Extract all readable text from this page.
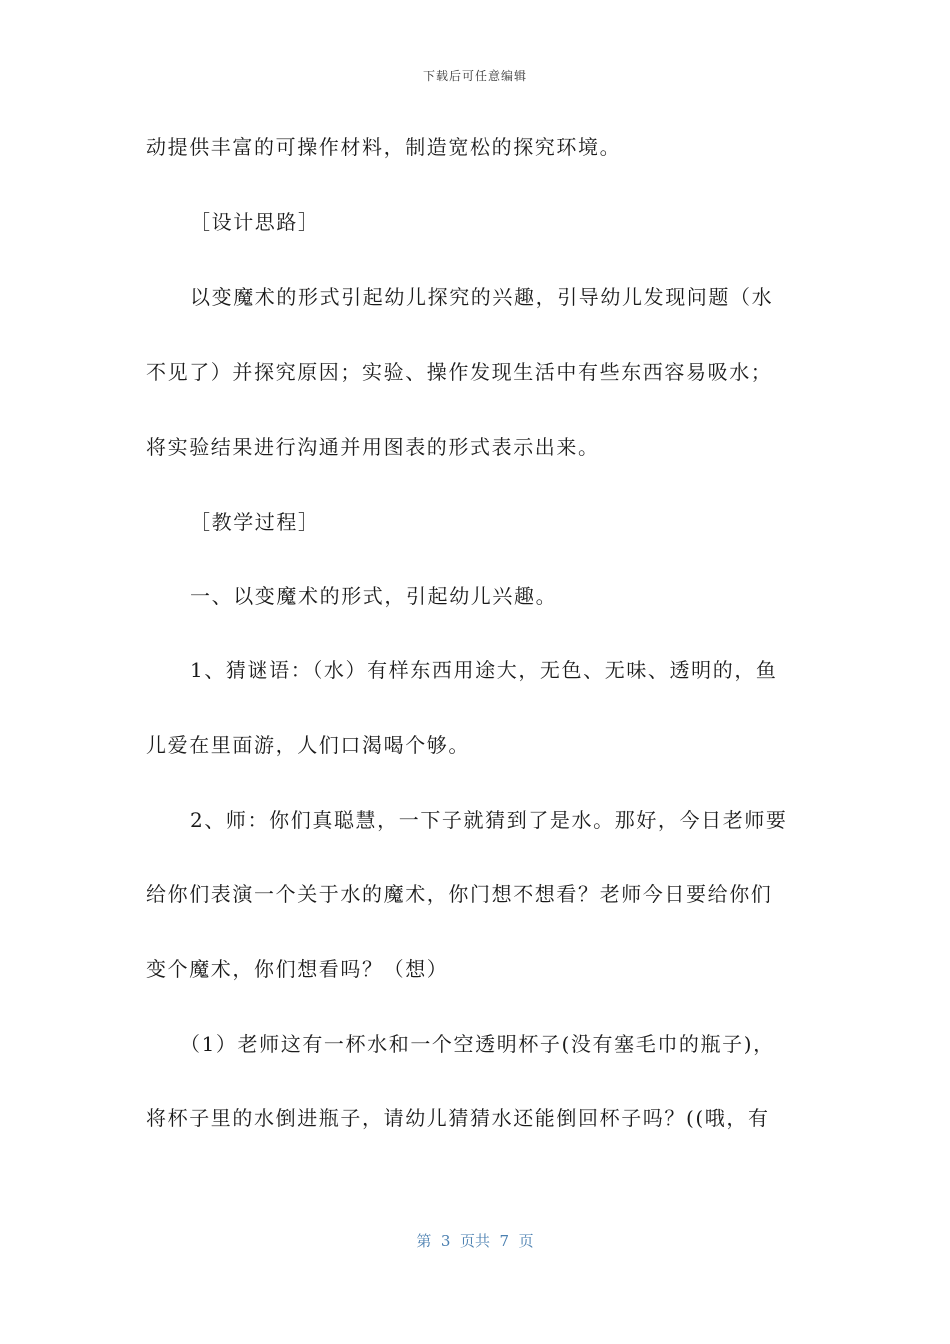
下载后可任意编辑
动提供丰富的可操作材料，制造宽松的探究环境。
［设计思路］
以变魔术的形式引起幼儿探究的兴趣，引导幼儿发现问题（水
不见了）并探究原因；实验、操作发现生活中有些东西容易吸水；
将实验结果进行沟通并用图表的形式表示出来。
［教学过程］
一、以变魔术的形式，引起幼儿兴趣。
1、猜谜语：（水）有样东西用途大，无色、无味、透明的，鱼
儿爱在里面游，人们口渴喝个够。
2、师：你们真聪慧，一下子就猜到了是水。那好，今日老师要
给你们表演一个关于水的魔术，你门想不想看？老师今日要给你们
变个魔术，你们想看吗？（想）
（1）老师这有一杯水和一个空透明杯子(没有塞毛巾的瓶子)，
将杯子里的水倒进瓶子，请幼儿猜猜水还能倒回杯子吗？((哦，有
第  3  页共  7  页
